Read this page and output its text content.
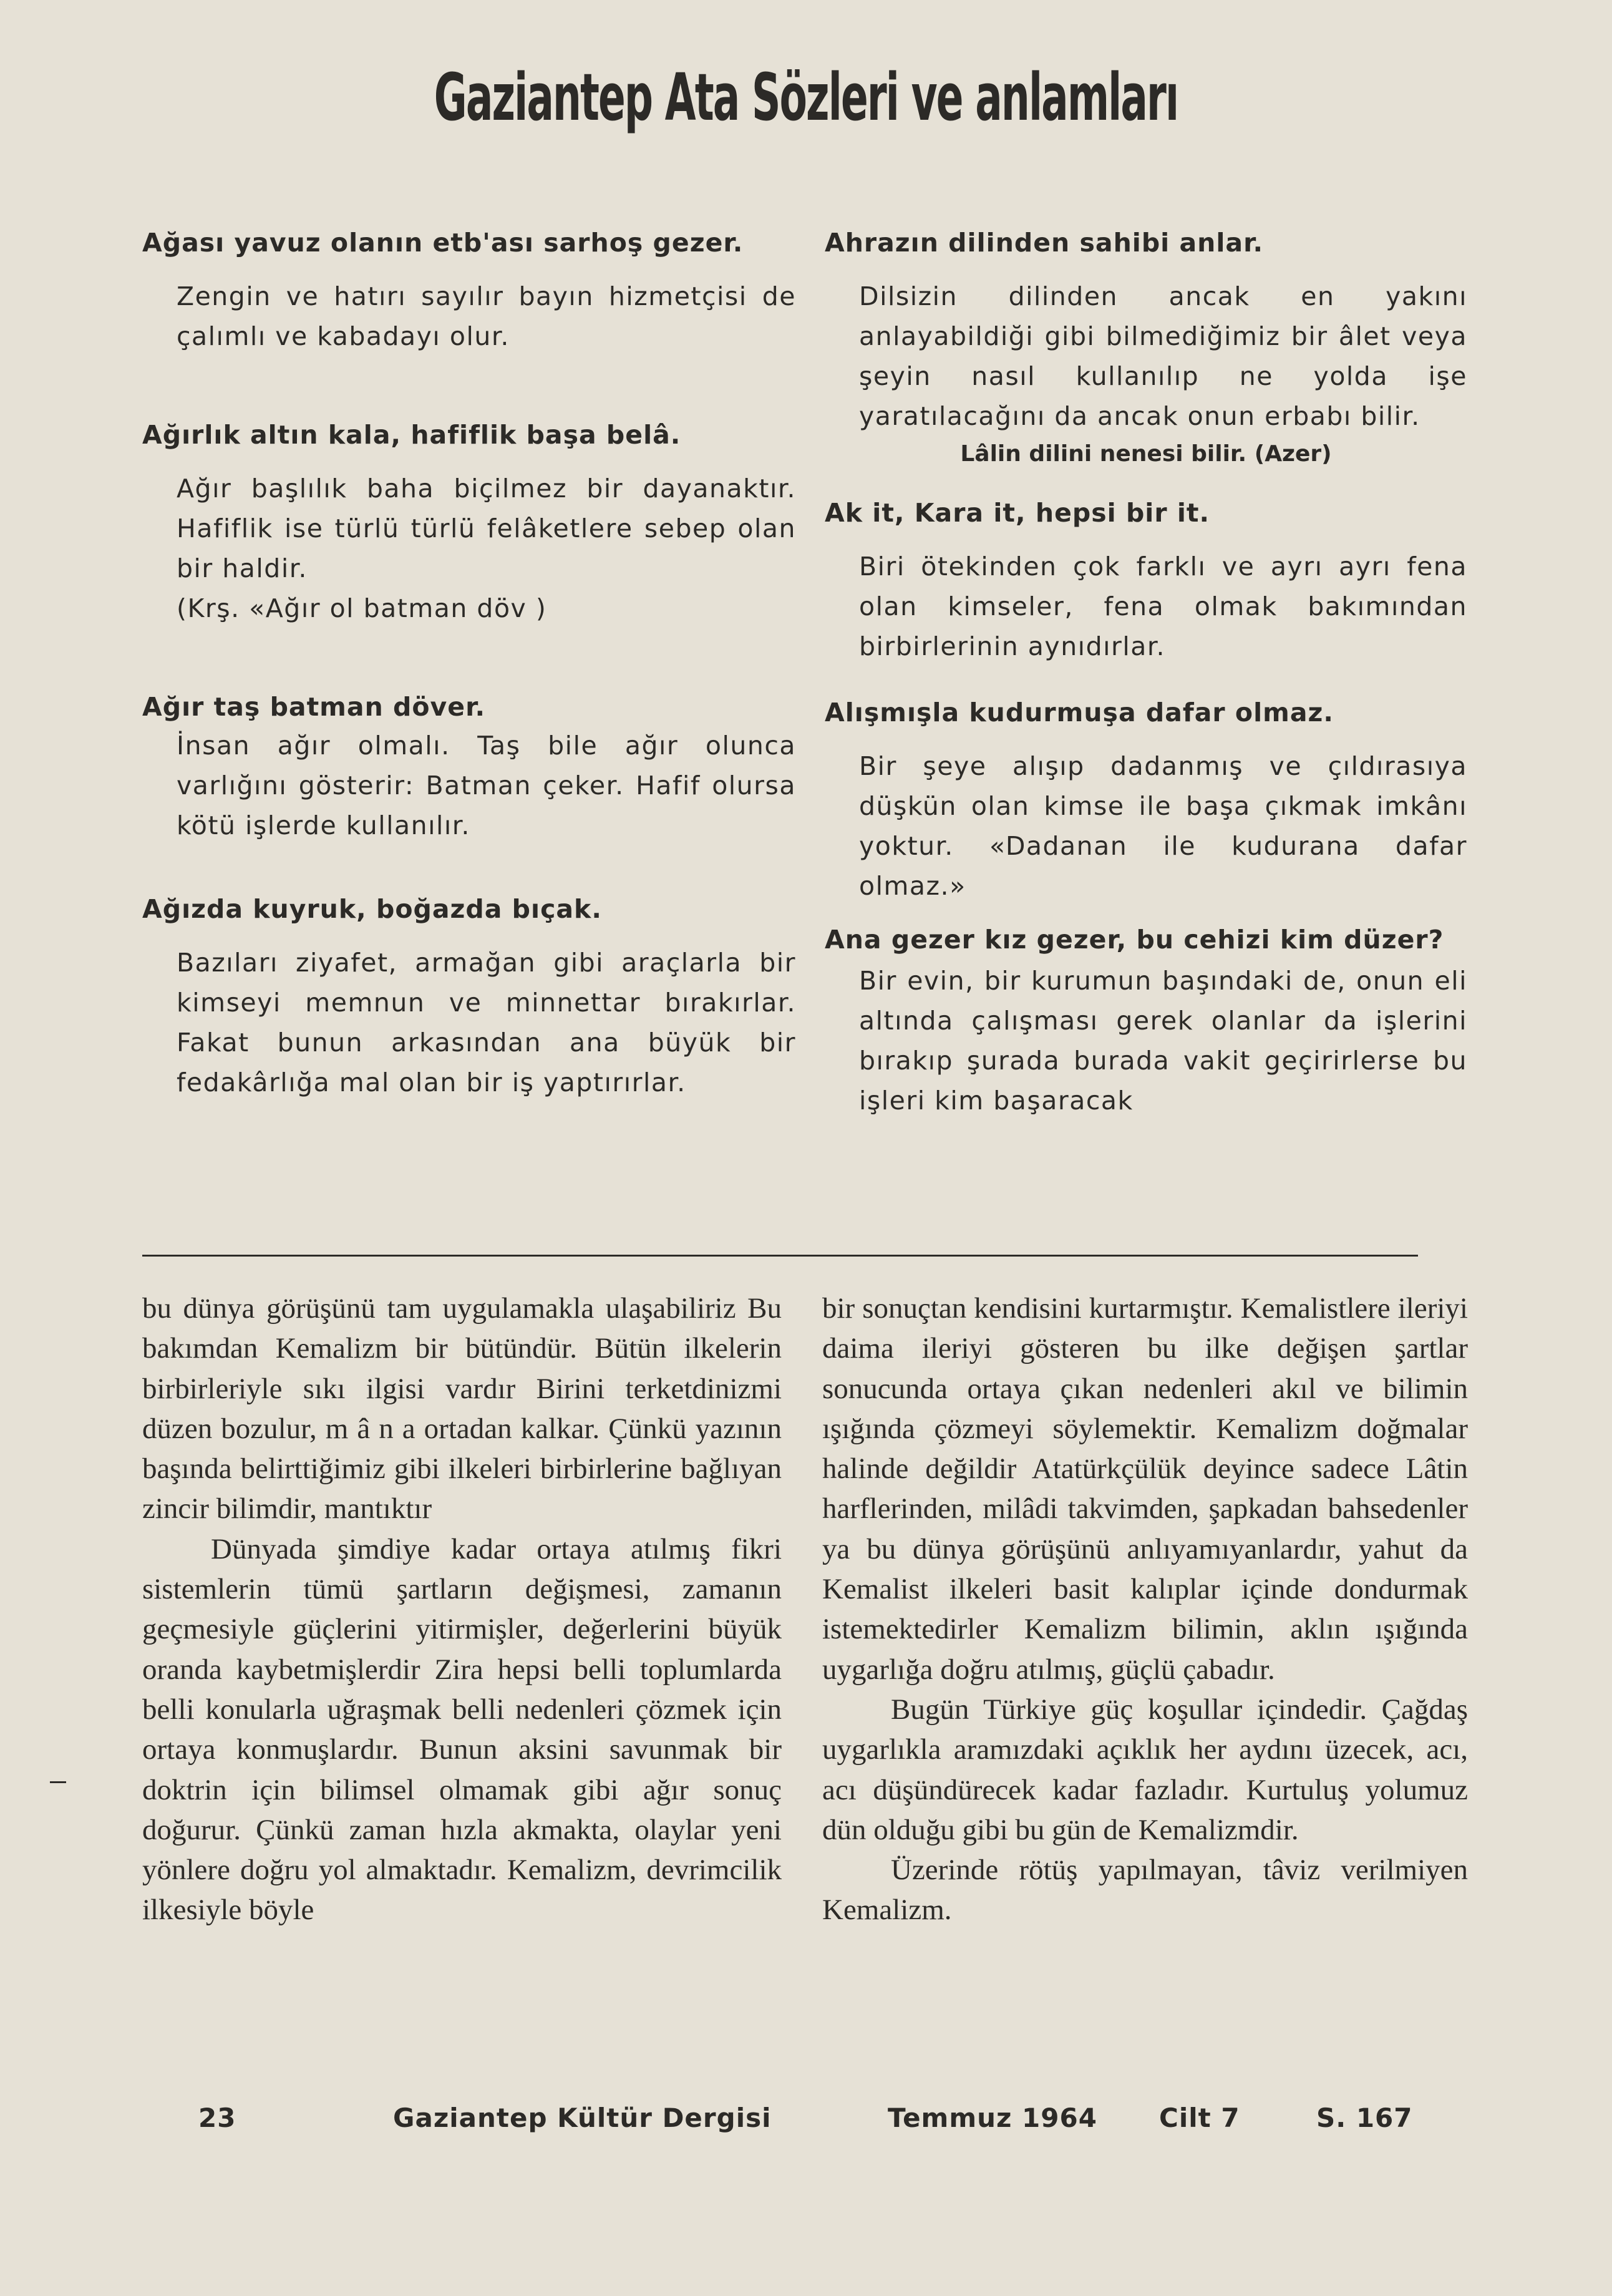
Gaziantep Ata Sözleri ve anlamları

Ağası yavuz olanın etb'ası sarhoş gezer.

Zengin ve hatırı sayılır bayın hizmetçisi de çalımlı ve kabadayı olur.

Ağırlık altın kala, hafiflik başa belâ.

Ağır başlılık baha biçilmez bir dayanaktır. Hafiflik ise türlü türlü felâketlere sebep olan bir haldir.

(Krş. «Ağır ol batman döv )

Ağır taş batman döver.

İnsan ağır olmalı. Taş bile ağır olunca varlığını gösterir: Batman çeker. Hafif olursa kötü işlerde kullanılır.

Ağızda kuyruk, boğazda bıçak.

Bazıları ziyafet, armağan gibi araçlarla bir kimseyi memnun ve minnettar bırakırlar. Fakat bunun arkasından ana büyük bir fedakârlığa mal olan bir iş yaptırırlar.

Ahrazın dilinden sahibi anlar.

Dilsizin dilinden ancak en yakını anlayabildiği gibi bilmediğimiz bir âlet veya şeyin nasıl kullanılıp ne yolda işe yaratılacağını da ancak onun erbabı bilir.

Lâlin dilini nenesi bilir. (Azer)

Ak it, Kara it, hepsi bir it.

Biri ötekinden çok farklı ve ayrı ayrı fena olan kimseler, fena olmak bakımından birbirlerinin aynıdırlar.

Alışmışla kudurmuşa dafar olmaz.

Bir şeye alışıp dadanmış ve çıldırasıya düşkün olan kimse ile başa çıkmak imkânı yoktur. «Dadanan ile kudurana dafar olmaz.»

Ana gezer kız gezer, bu cehizi kim düzer?

Bir evin, bir kurumun başındaki de, onun eli altında çalışması gerek olanlar da işlerini bırakıp şurada burada vakit geçirirlerse bu işleri kim başaracak

bu dünya görüşünü tam uygulamakla ulaşabiliriz Bu bakımdan Kemalizm bir bütündür. Bütün ilkelerin birbirleriyle sıkı ilgisi vardır Birini terketdinizmi düzen bozulur, m â n a ortadan kalkar. Çünkü yazının başında belirttiğimiz gibi ilkeleri birbirlerine bağlıyan zincir bilimdir, mantıktır

Dünyada şimdiye kadar ortaya atılmış fikri sistemlerin tümü şartların değişmesi, zamanın geçmesiyle güçlerini yitirmişler, değerlerini büyük oranda kaybetmişlerdir Zira hepsi belli toplumlarda belli konularla uğraşmak belli nedenleri çözmek için ortaya konmuşlardır. Bunun aksini savunmak bir doktrin için bilimsel olmamak gibi ağır sonuç doğurur. Çünkü zaman hızla akmakta, olaylar yeni yönlere doğru yol almaktadır. Kemalizm, devrimcilik ilkesiyle böyle

bir sonuçtan kendisini kurtarmıştır. Kemalistlere ileriyi daima ileriyi gösteren bu ilke değişen şartlar sonucunda ortaya çıkan nedenleri akıl ve bilimin ışığında çözmeyi söylemektir. Kemalizm doğmalar halinde değildir Atatürkçülük deyince sadece Lâtin harflerinden, milâdi takvimden, şapkadan bahsedenler ya bu dünya görüşünü anlıyamıyanlardır, yahut da Kemalist ilkeleri basit kalıplar içinde dondurmak istemektedirler Kemalizm bilimin, aklın ışığında uygarlığa doğru atılmış, güçlü çabadır.

Bugün Türkiye güç koşullar içindedir. Çağdaş uygarlıkla aramızdaki açıklık her aydını üzecek, acı, acı düşündürecek kadar fazladır. Kurtuluş yolumuz dün olduğu gibi bu gün de Kemalizmdir.

Üzerinde rötüş yapılmayan, tâviz verilmiyen Kemalizm.

23	Gaziantep Kültür Dergisi	Temmuz 1964 Cilt 7	S. 167
